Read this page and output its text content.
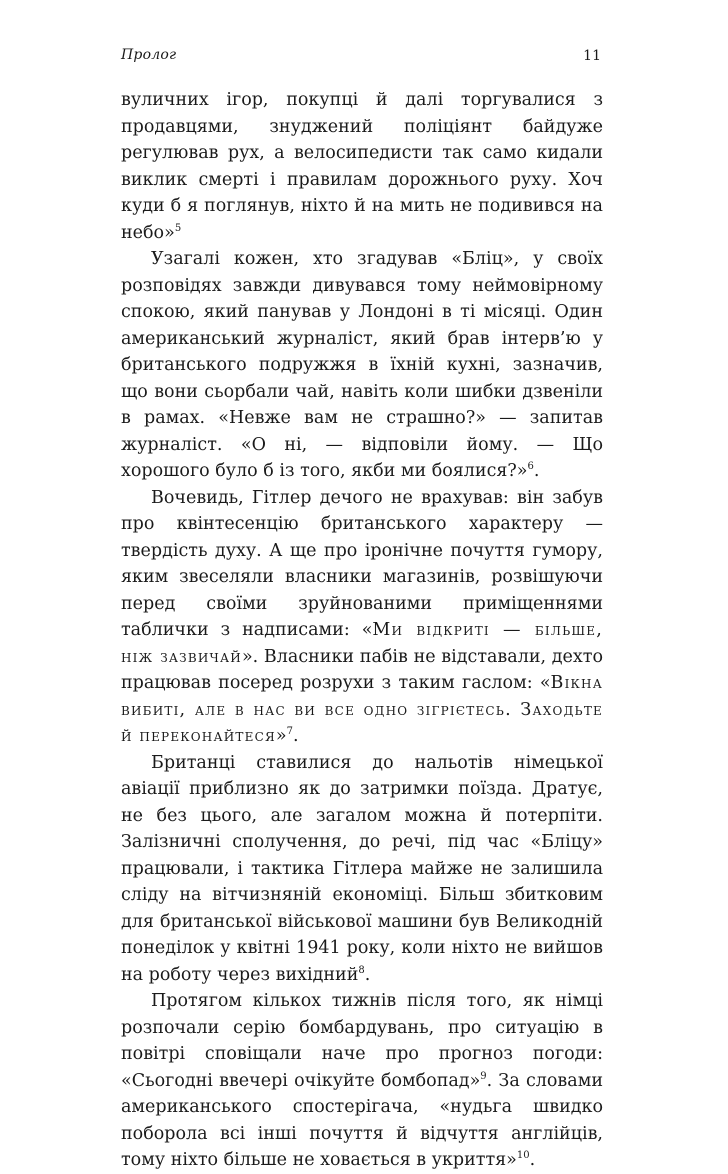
Пролог	11

вуличних ігор, покупці й далі торгувалися з продавцями, знуджений поліціянт байдуже регулював рух, а велосипедисти так само кидали виклик смерті і правилам дорожнього руху. Хоч куди б я поглянув, ніхто й на мить не подивився на небо»$^5$

Узагалі кожен, хто згадував «Бліц», у своїх розповідях завжди дивувався тому неймовірному спокою, який панував у Лондоні в ті місяці. Один американський журналіст, який брав інтерв’ю у британського подружжя в їхній кухні, зазначив, що вони сьорбали чай, навіть коли шибки дзвеніли в рамах. «Невже вам не страшно?» — запитав журналіст. «О ні, — відповіли йому. — Що хорошого було б із того, якби ми боялися?»$^6$.

Вочевидь, Гітлер дечого не врахував: він забув про квінтесенцію британського характеру — твердість духу. А ще про іронічне почуття гумору, яким звеселяли власники магазинів, розвішуючи перед своїми зруйнованими приміщеннями таблички з надписами: «Ми відкриті — більше, ніж зазвичай». Власники пабів не відставали, дехто працював посеред розрухи з таким гаслом: «Вікна вибиті, але в нас ви все одно зігрієтесь. Заходьте й переконайтеся»$^7$.

Британці ставилися до нальотів німецької авіації приблизно як до затримки поїзда. Дратує, не без цього, але загалом можна й потерпіти. Залізничні сполучення, до речі, під час «Бліцу» працювали, і тактика Гітлера майже не залишила сліду на вітчизняній економіці. Більш збитковим для британської військової машини був Великодній понеділок у квітні 1941 року, коли ніхто не вийшов на роботу через вихідний$^8$.

Протягом кількох тижнів після того, як німці розпочали серію бомбардувань, про ситуацію в повітрі сповіщали наче про прогноз погоди: «Сьогодні ввечері очікуйте бомбопад»$^9$. За словами американського спостерігача, «нудьга швидко поборола всі інші почуття й відчуття англійців, тому ніхто більше не ховається в укриття»$^{10}$.
